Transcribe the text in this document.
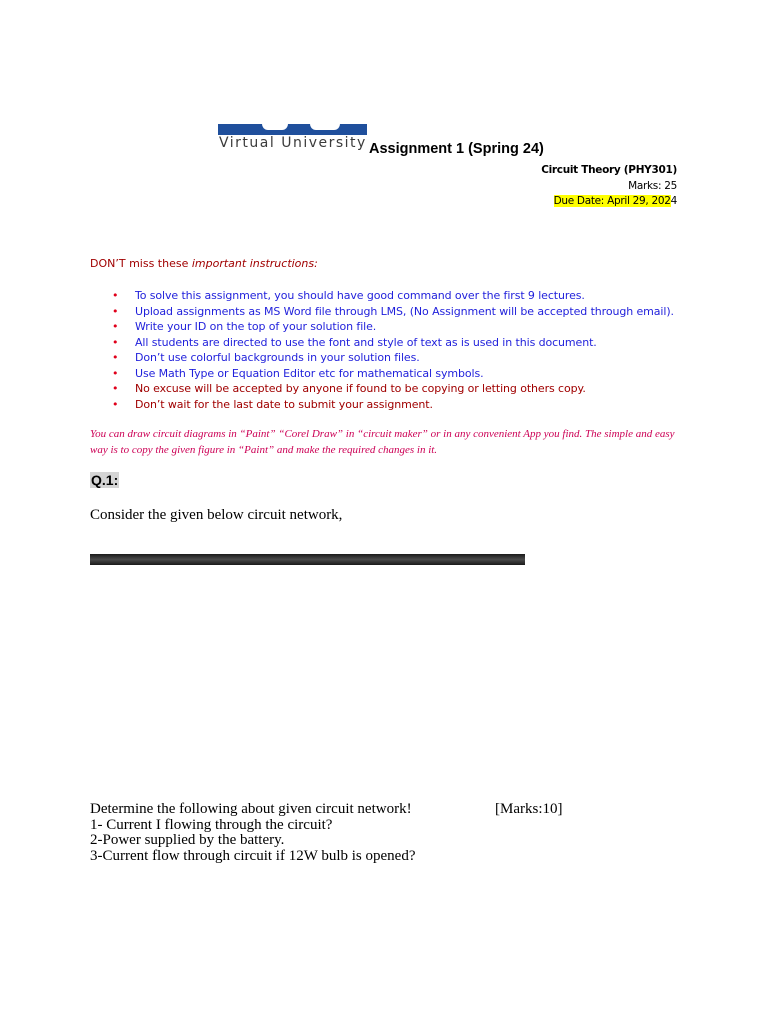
Virtual University Assignment 1 (Spring 24)
Circuit Theory (PHY301)
Marks: 25
Due Date: April 29, 2024
DON’T miss these important instructions:
• To solve this assignment, you should have good command over the first 9 lectures.
• Upload assignments as MS Word file through LMS, (No Assignment will be accepted through email).
• Write your ID on the top of your solution file.
• All students are directed to use the font and style of text as is used in this document.
• Don’t use colorful backgrounds in your solution files.
• Use Math Type or Equation Editor etc for mathematical symbols.
• No excuse will be accepted by anyone if found to be copying or letting others copy.
• Don’t wait for the last date to submit your assignment.
You can draw circuit diagrams in “Paint” “Corel Draw” in “circuit maker” or in any convenient App you find. The simple and easy way is to copy the given figure in “Paint” and make the required changes in it.
Q.1:
Consider the given below circuit network,
Determine the following about given circuit network!	[Marks:10]
1- Current I flowing through the circuit?
2-Power supplied by the battery.
3-Current flow through circuit if 12W bulb is opened?
